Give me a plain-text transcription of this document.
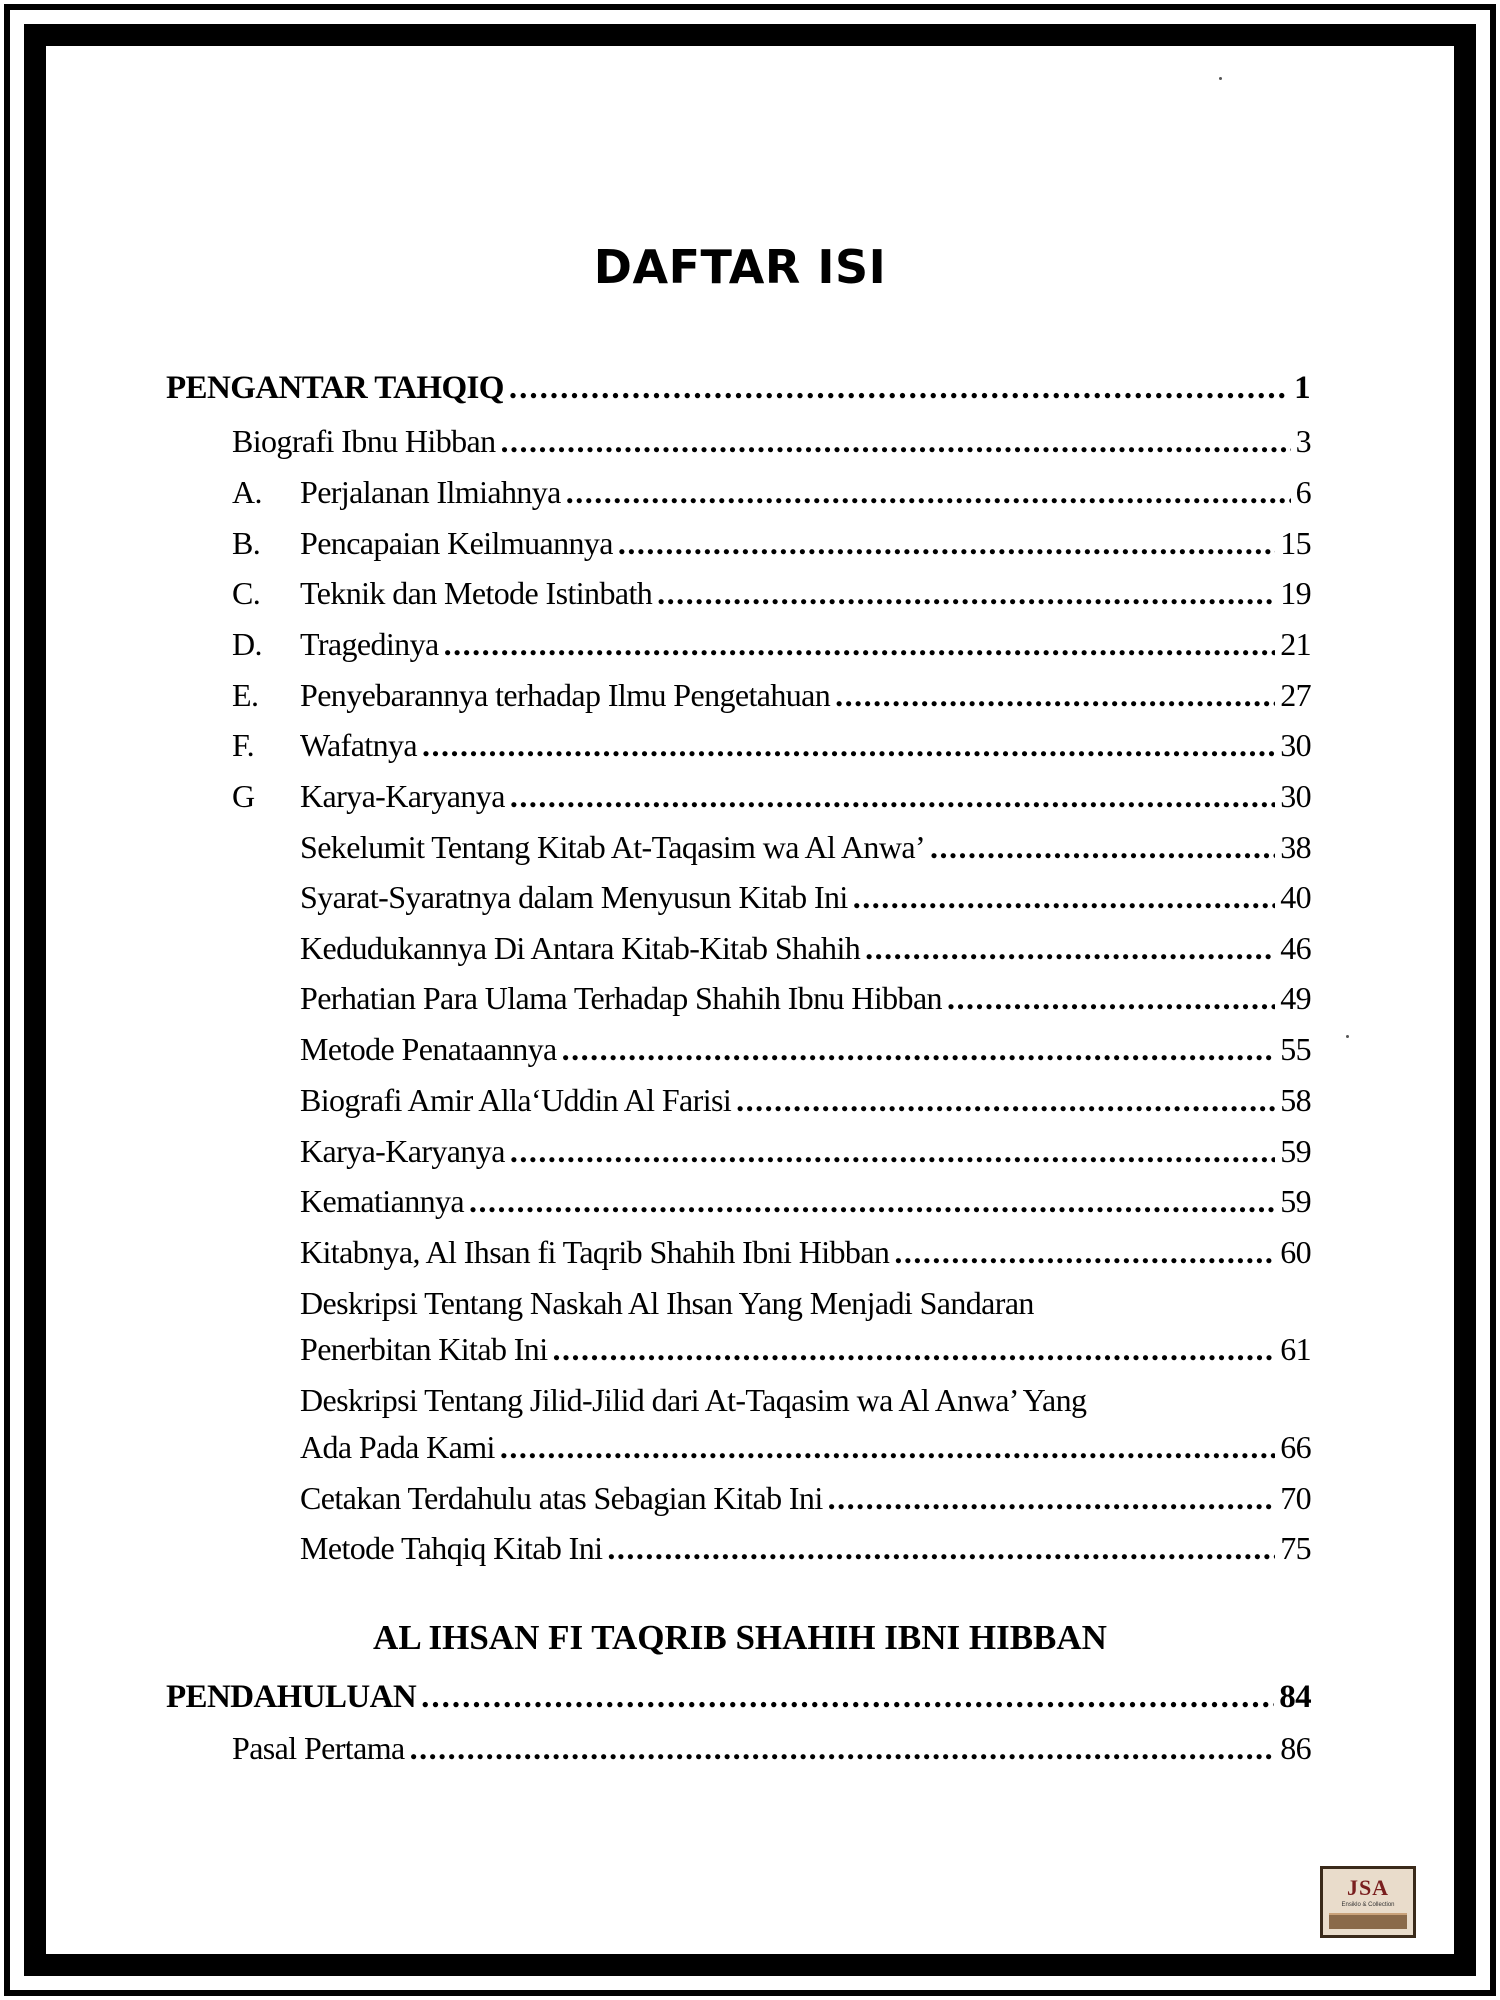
DAFTAR ISI
PENGANTAR TAHQIQ .....	1
Biografi Ibnu Hibban .....	3
A.	Perjalanan Ilmiahnya .....	6
B.	Pencapaian Keilmuannya .....	15
C.	Teknik dan Metode Istinbath .....	19
D.	Tragedinya .....	21
E.	Penyebarannya terhadap Ilmu Pengetahuan .....	27
F.	Wafatnya .....	30
G	Karya-Karyanya .....	30
Sekelumit Tentang Kitab At-Taqasim wa Al Anwa’ .....	38
Syarat-Syaratnya dalam Menyusun Kitab Ini .....	40
Kedudukannya Di Antara Kitab-Kitab Shahih .....	46
Perhatian Para Ulama Terhadap Shahih Ibnu Hibban .....	49
Metode Penataannya .....	55
Biografi Amir Alla‘Uddin Al Farisi .....	58
Karya-Karyanya .....	59
Kematiannya .....	59
Kitabnya, Al Ihsan fi Taqrib Shahih Ibni Hibban .....	60
Deskripsi Tentang Naskah Al Ihsan Yang Menjadi Sandaran
Penerbitan Kitab Ini .....	61
Deskripsi Tentang Jilid-Jilid dari At-Taqasim wa Al Anwa’ Yang
Ada Pada Kami .....	66
Cetakan Terdahulu atas Sebagian Kitab Ini .....	70
Metode Tahqiq Kitab Ini .....	75
AL IHSAN FI TAQRIB SHAHIH IBNI HIBBAN
PENDAHULUAN .....	84
Pasal Pertama .....	86
JSA
Ensiklo & Collection
